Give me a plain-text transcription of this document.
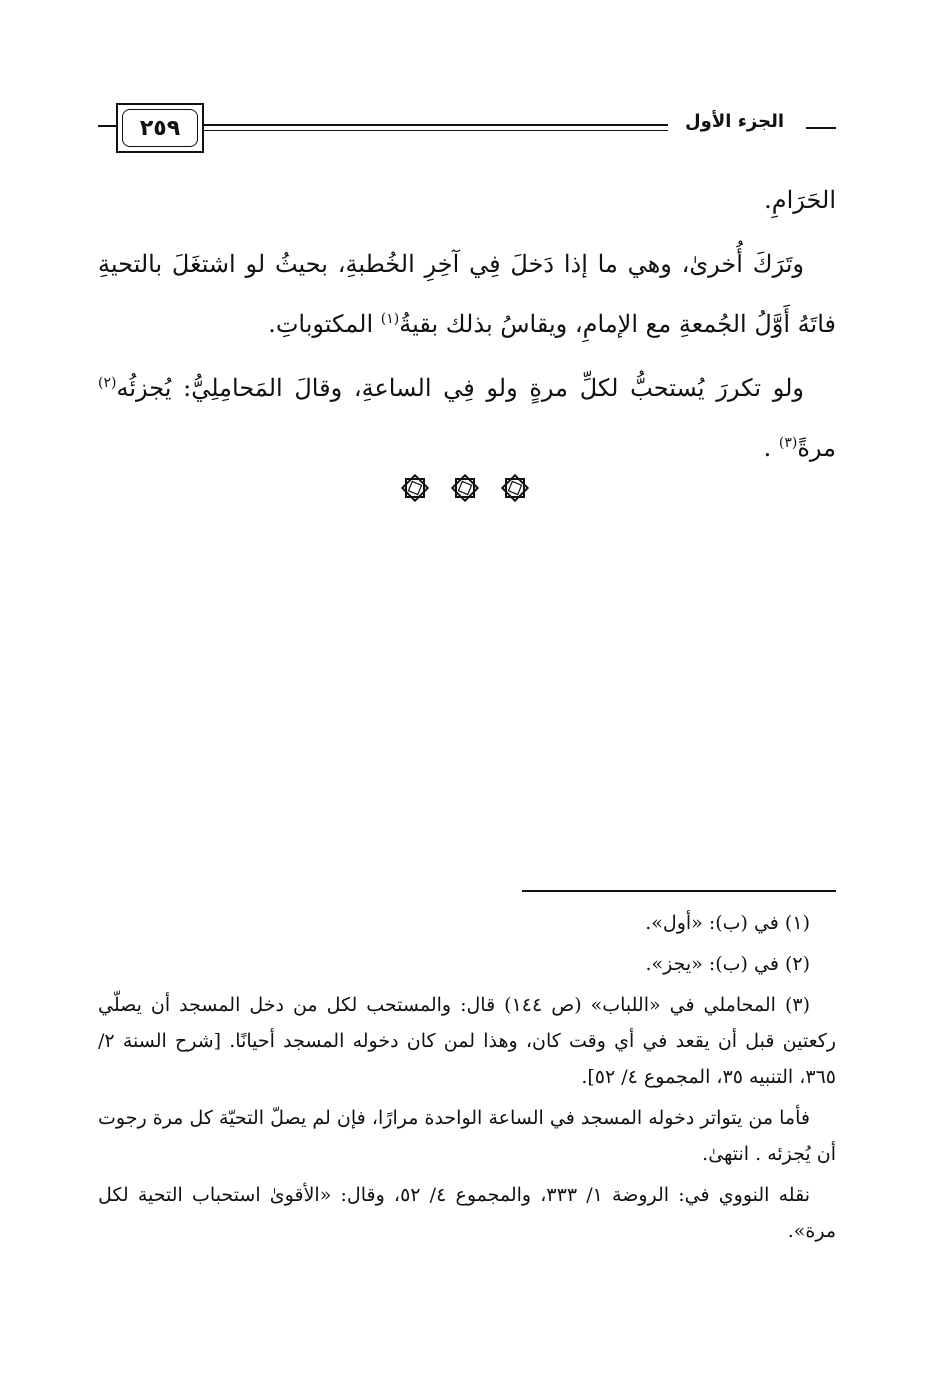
٢٥٩	الجزء الأول

الحَرَامِ.

وتَرَكَ أُخرىٰ، وهي ما إذا دَخلَ فِي آخِرِ الخُطبةِ، بحيثُ لو اشتغَلَ بالتحيةِ فاتَهُ أَوَّلُ الجُمعةِ مع الإمامِ، ويقاسُ بذلك بقيةُ$^{(١)}$ المكتوباتِ.

ولو تكررَ يُستحبُّ لكلِّ مرةٍ ولو فِي الساعةِ، وقالَ المَحامِلِيُّ: يُجزئُه$^{(٢)}$ مرةً$^{(٣)}$ .

(١) في (ب): «أول».

(٢) في (ب): «يجز».

(٣) المحاملي في «اللباب» (ص ١٤٤) قال: والمستحب لكل من دخل المسجد أن يصلّي ركعتين قبل أن يقعد في أي وقت كان، وهذا لمن كان دخوله المسجد أحيانًا. [شرح السنة ٢/ ٣٦٥، التنبيه ٣٥، المجموع ٤/ ٥٢].

فأما من يتواتر دخوله المسجد في الساعة الواحدة مرارًا، فإن لم يصلّ التحيّة كل مرة رجوت أن يُجزئه . انتهىٰ.

نقله النووي في: الروضة ١/ ٣٣٣، والمجموع ٤/ ٥٢، وقال: «الأقوىٰ استحباب التحية لكل مرة».
